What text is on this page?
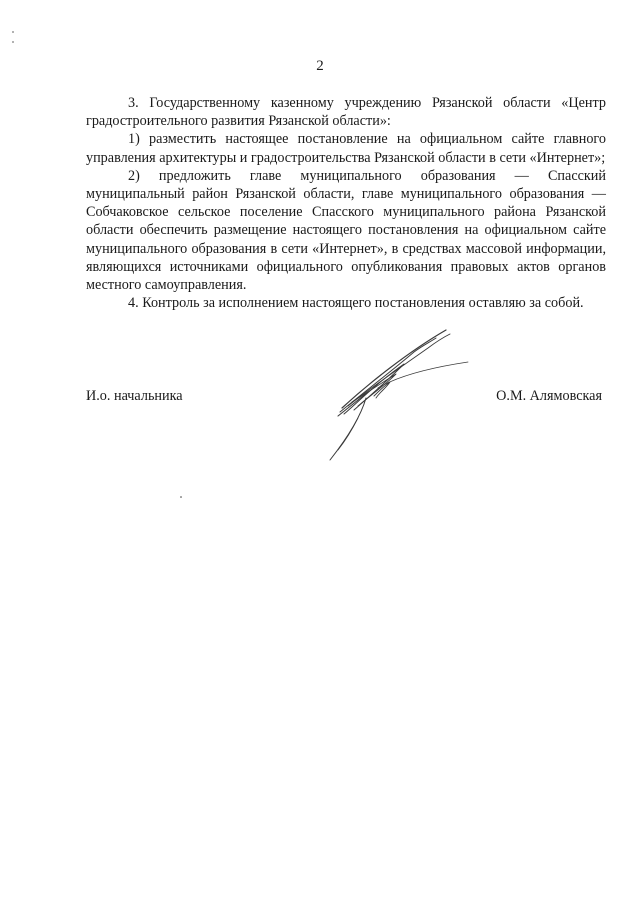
2

3. Государственному казенному учреждению Рязанской области «Центр градостроительного развития Рязанской области»:

1) разместить настоящее постановление на официальном сайте главного управления архитектуры и градостроительства Рязанской области в сети «Интернет»;

2) предложить главе муниципального образования — Спасский муниципальный район Рязанской области, главе муниципального образования — Собчаковское сельское поселение Спасского муниципального района Рязанской области обеспечить размещение настоящего постановления на официальном сайте муниципального образования в сети «Интернет», в средствах массовой информации, являющихся источниками официального опубликования правовых актов органов местного самоуправления.

4. Контроль за исполнением настоящего постановления оставляю за собой.

И.о. начальника	О.М. Алямовская
